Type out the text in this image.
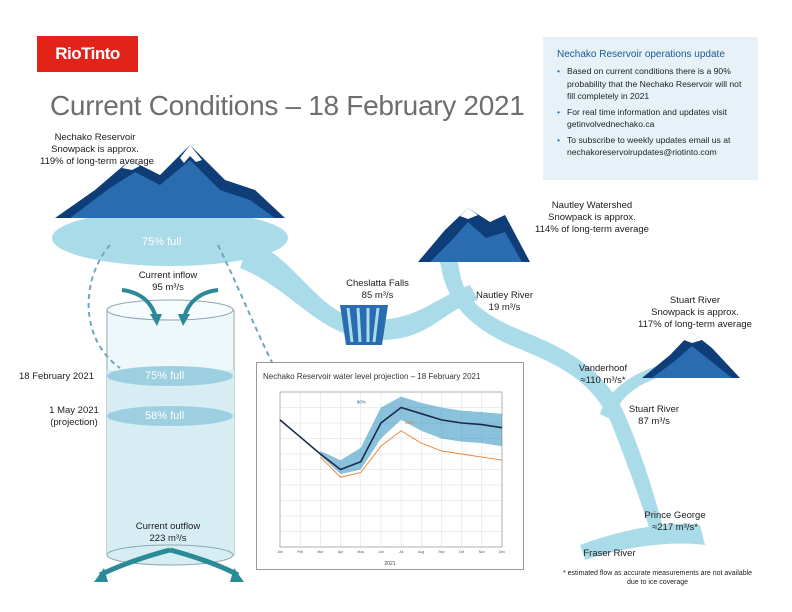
RioTinto
Current Conditions – 18 February 2021
Nechako Reservoir operations update
• Based on current conditions there is a 90% probability that the Nechako Reservoir will not fill completely in 2021
• For real time information and updates visit getinvolvednechako.ca
• To subscribe to weekly updates email us at nechakoreservoirupdates@riotinto.com
Nechako Reservoir
Snowpack is approx.
119% of long-term average
75% full
Nautley Watershed
Snowpack is approx.
114% of long-term average
Stuart River
Snowpack is approx.
117% of long-term average
Current inflow
95 m³/s
Current outflow
223 m³/s
Cheslatta Falls
85 m³/s	Nautley River
19 m³/s
Vanderhoof
≈110 m³/s*
Stuart River
87 m³/s
Prince George
≈217 m³/s*
Fraser River
18 February 2021	75% full
1 May 2021
(projection)
58% full
Nechako Reservoir water level projection – 18 February 2021
Jan	Feb	Mar	Apr	May	Jun	Jul	Aug	Sep	Oct	Nov	Dec
90%
10%
2021
* estimated flow as accurate measurements are not available due to ice coverage
